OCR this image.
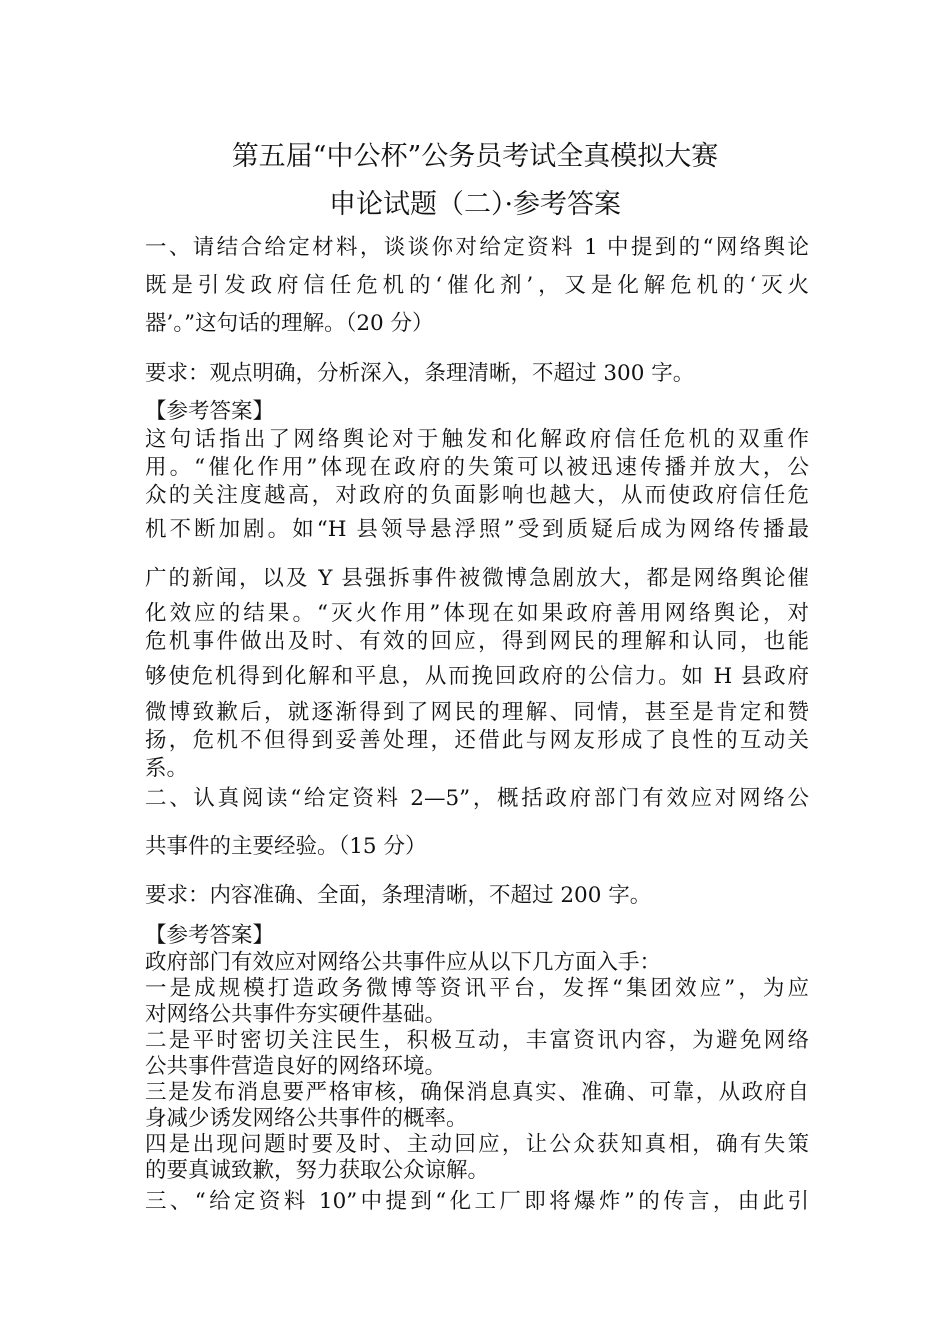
第五届“中公杯”公务员考试全真模拟大赛
申论试题（二）·参考答案
一、请结合给定材料，谈谈你对给定资料 1 中提到的“网络舆论
既是引发政府信任危机的‘催化剂’，又是化解危机的‘灭火
器’。”这句话的理解。（20 分）
要求：观点明确，分析深入，条理清晰，不超过 300 字。
【参考答案】
这句话指出了网络舆论对于触发和化解政府信任危机的双重作
用。“催化作用”体现在政府的失策可以被迅速传播并放大，公
众的关注度越高，对政府的负面影响也越大，从而使政府信任危
机不断加剧。如“H 县领导悬浮照”受到质疑后成为网络传播最
广的新闻，以及 Y 县强拆事件被微博急剧放大，都是网络舆论催
化效应的结果。“灭火作用”体现在如果政府善用网络舆论，对
危机事件做出及时、有效的回应，得到网民的理解和认同，也能
够使危机得到化解和平息，从而挽回政府的公信力。如 H 县政府
微博致歉后，就逐渐得到了网民的理解、同情，甚至是肯定和赞
扬，危机不但得到妥善处理，还借此与网友形成了良性的互动关
系。
二、认真阅读“给定资料 2—5”，概括政府部门有效应对网络公
共事件的主要经验。（15 分）
要求：内容准确、全面，条理清晰，不超过 200 字。
【参考答案】
政府部门有效应对网络公共事件应从以下几方面入手：
一是成规模打造政务微博等资讯平台，发挥“集团效应”，为应
对网络公共事件夯实硬件基础。
二是平时密切关注民生，积极互动，丰富资讯内容，为避免网络
公共事件营造良好的网络环境。
三是发布消息要严格审核，确保消息真实、准确、可靠，从政府自
身减少诱发网络公共事件的概率。
四是出现问题时要及时、主动回应，让公众获知真相，确有失策
的要真诚致歉，努力获取公众谅解。
三、“给定资料 10”中提到“化工厂即将爆炸”的传言，由此引
